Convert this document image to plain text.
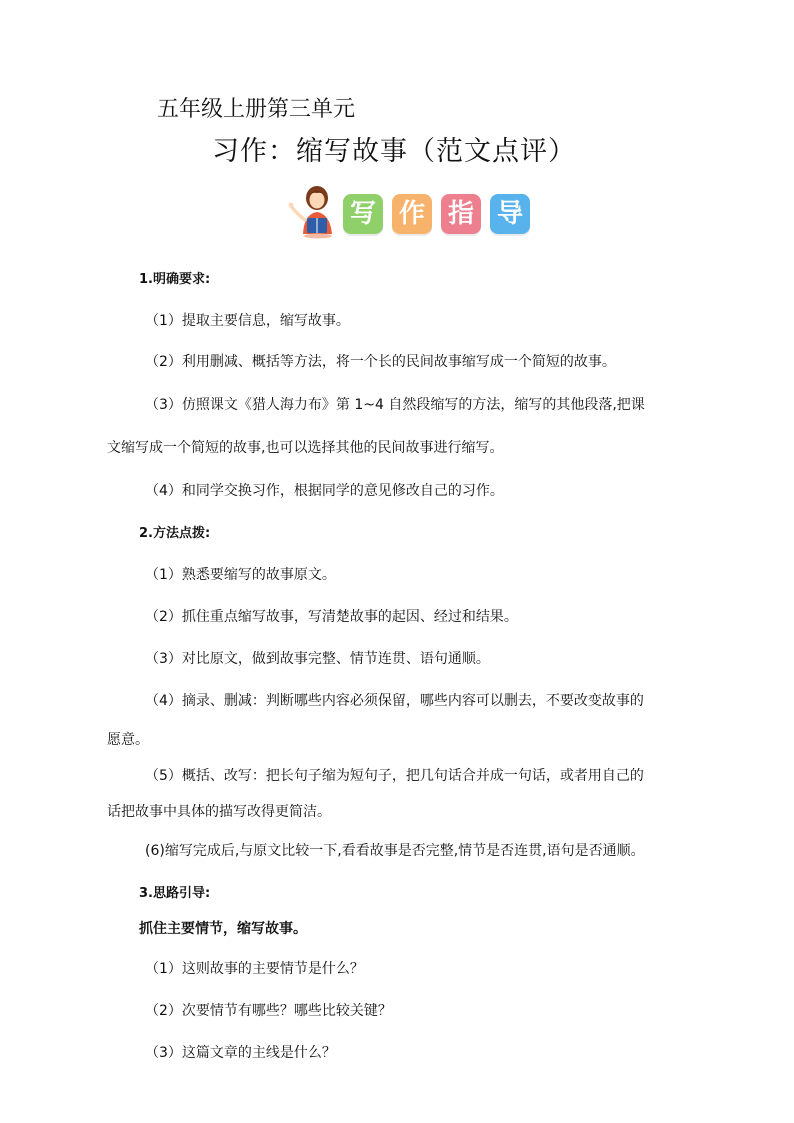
五年级上册第三单元
习作：缩写故事（范文点评）
写 作 指 导
1.明确要求:
（1）提取主要信息，缩写故事。
（2）利用删减、概括等方法，将一个长的民间故事缩写成一个简短的故事。
（3）仿照课文《猎人海力布》第 1~4 自然段缩写的方法，缩写的其他段落,把课
文缩写成一个简短的故事,也可以选择其他的民间故事进行缩写。
（4）和同学交换习作，根据同学的意见修改自己的习作。
2.方法点拨:
（1）熟悉要缩写的故事原文。
（2）抓住重点缩写故事，写清楚故事的起因、经过和结果。
（3）对比原文，做到故事完整、情节连贯、语句通顺。
（4）摘录、删减：判断哪些内容必须保留，哪些内容可以删去，不要改变故事的
愿意。
（5）概括、改写：把长句子缩为短句子，把几句话合并成一句话，或者用自己的
话把故事中具体的描写改得更简洁。
(6)缩写完成后,与原文比较一下,看看故事是否完整,情节是否连贯,语句是否通顺。
3.思路引导:
抓住主要情节，缩写故事。
（1）这则故事的主要情节是什么？
（2）次要情节有哪些？哪些比较关键？
（3）这篇文章的主线是什么？
